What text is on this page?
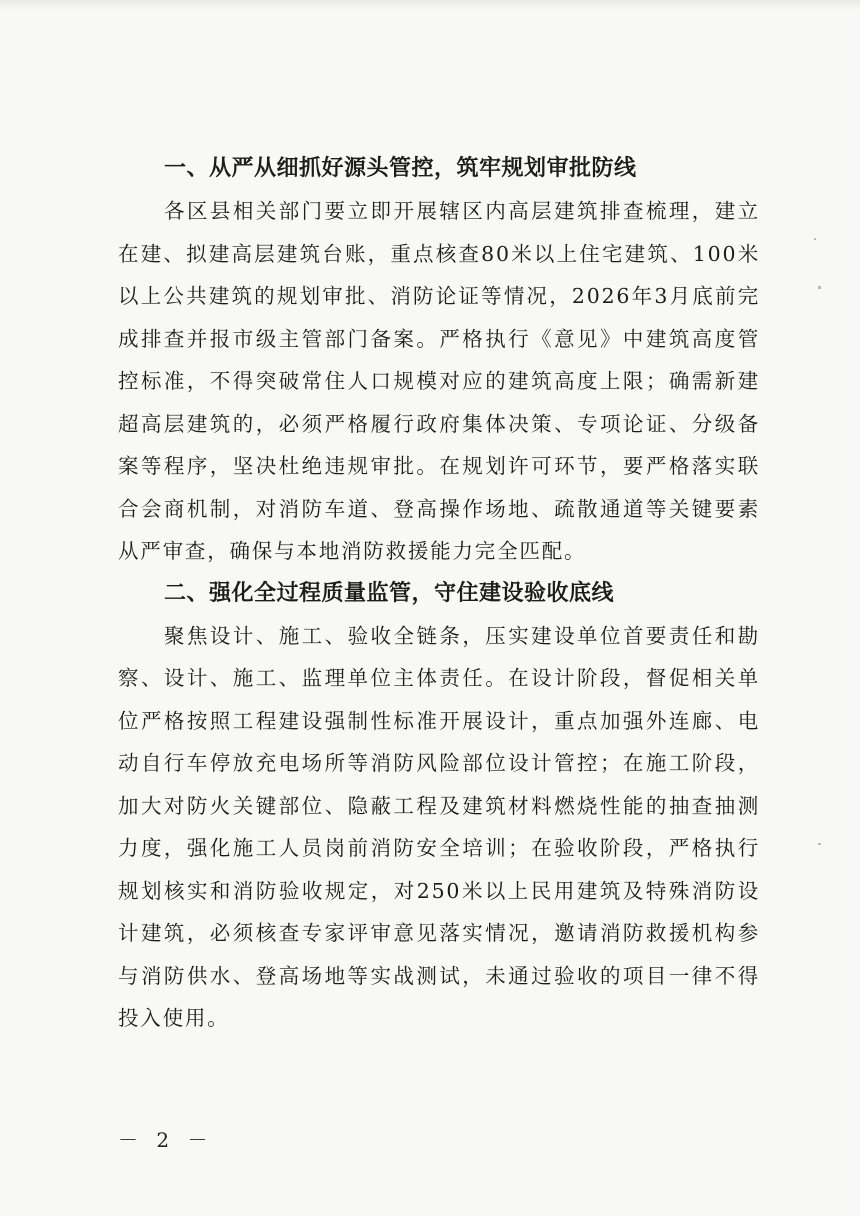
一、从严从细抓好源头管控，筑牢规划审批防线

各区县相关部门要立即开展辖区内高层建筑排查梳理，建立在建、拟建高层建筑台账，重点核查80米以上住宅建筑、100米以上公共建筑的规划审批、消防论证等情况，2026年3月底前完成排查并报市级主管部门备案。严格执行《意见》中建筑高度管控标准，不得突破常住人口规模对应的建筑高度上限；确需新建超高层建筑的，必须严格履行政府集体决策、专项论证、分级备案等程序，坚决杜绝违规审批。在规划许可环节，要严格落实联合会商机制，对消防车道、登高操作场地、疏散通道等关键要素从严审查，确保与本地消防救援能力完全匹配。

二、强化全过程质量监管，守住建设验收底线

聚焦设计、施工、验收全链条，压实建设单位首要责任和勘察、设计、施工、监理单位主体责任。在设计阶段，督促相关单位严格按照工程建设强制性标准开展设计，重点加强外连廊、电动自行车停放充电场所等消防风险部位设计管控；在施工阶段，加大对防火关键部位、隐蔽工程及建筑材料燃烧性能的抽查抽测力度，强化施工人员岗前消防安全培训；在验收阶段，严格执行规划核实和消防验收规定，对250米以上民用建筑及特殊消防设计建筑，必须核查专家评审意见落实情况，邀请消防救援机构参与消防供水、登高场地等实战测试，未通过验收的项目一律不得投入使用。

－ 2 －
